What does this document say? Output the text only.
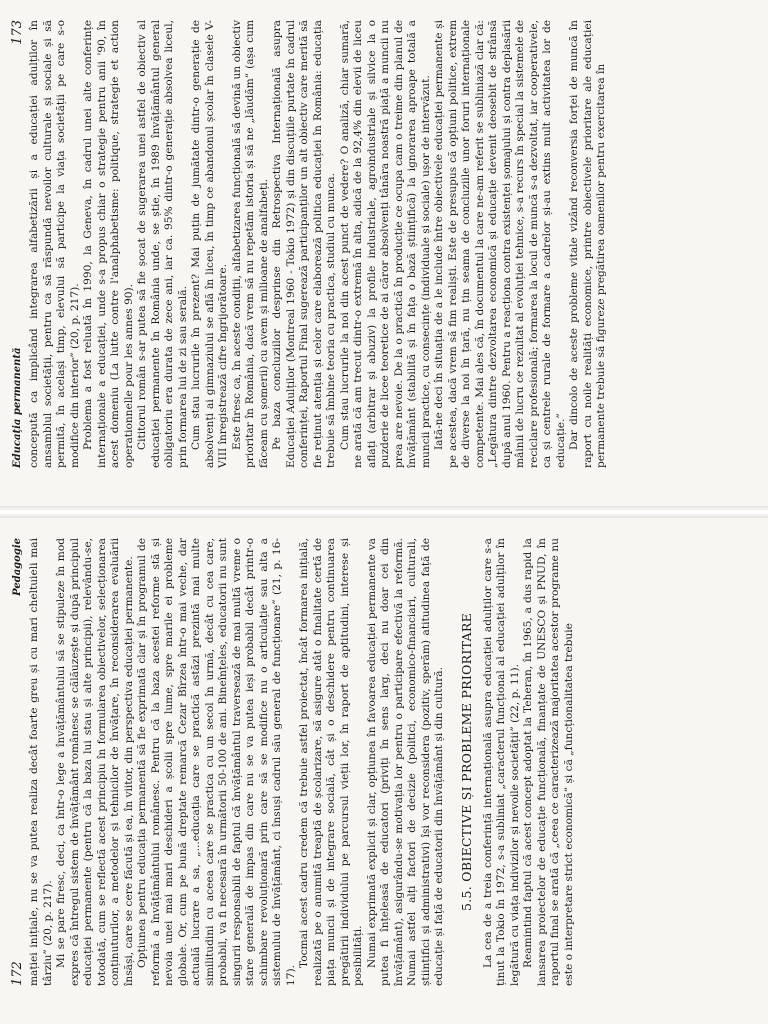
172
Pedagogie mației inițiale, nu se va putea realiza decât foarte greu și cu mari cheltuieli mai târziu” (20, p. 217). Mi se pare firesc, deci, ca într-o lege a învățământului să se stipuleze în mod expres că întregul sistem de învățământ românesc se călăuzește și după principiul educației permanente (pentru că la baza lui stau și alte principii), relevându-se, totodată, cum se reflectă acest principiu în formularea obiectivelor, selecționarea conținuturilor, a metodelor și tehnicilor de învățare, în reconsiderarea evaluării însăși, care se cere făcută și ea, în viitor, din perspectiva educației permanente. Opțiunea pentru educația permanentă să fie exprimată clar și în programul de reformă a învățământului românesc. Pentru că la baza acestei reforme stă și nevoia unei mai mari deschideri a școlii spre lume, spre marile ei probleme globale. Or, cum pe bună dreptate remarcă Cezar Bîrzea într-o mai veche, dar actuală lucrare a sa, „...educația care se practică astăzi prezintă mai multe similitudini cu aceea care se practica cu un secol în urmă, decât cu cea care, probabil, va fi necesară în următorii 50-100 de ani. Bineînțeles, educatorii nu sunt singurii responsabili de faptul că învățământul traversează de mai multă vreme o stare generală de impas din care nu se va putea ieși probabil decât printr-o schimbare revoluționară prin care să se modifice nu o articulație sau alta a sistemului de învățământ, ci însuși cadrul său general de funcționare” (21, p. 16-17).

Tocmai acest cadru credem că trebuie astfel proiectat, încât formarea inițială, realizată pe o anumită treaptă de școlarizare, să asigure atât o finalitate certă de piața muncii și de integrare socială, cât și o deschidere pentru continuarea pregătirii individului pe parcursul vieții lor, în raport de aptitudini, interese și posibilități. Numai exprimată explicit și clar, opțiunea în favoarea educației permanente va putea fi înțeleasă de educatori (priviți în sens larg, deci nu doar cei din învățământ), asigurându-se motivația lor pentru o participare efectivă la reformă. Numai astfel alți factori de decizie (politici, economico-financiari, culturali, științifici și administrativi) își vor reconsidera (pozitiv, sperăm) atitudinea față de educație și față de educatorii din învățământ și din cultură. 5.5. OBIECTIVE ȘI PROBLEME PRIORITARE La cea de a treia conferință internațională asupra educației adulților care s-a ținut la Tokio în 1972, s-a subliniat „caracterul funcțional al educației adulților în legătură cu viața indivizilor și nevoile societății” (22, p. 11). Reamintind faptul că acest concept adoptat la Teheran, în 1965, a dus rapid la lansarea proiectelor de educație funcțională, finanțate de UNESCO și PNUD, în raportul final se arată că „ceea ce caracterizează majoritatea acestor programe nu este o interpretare strict economică” și că „funcționalitatea trebuie

Educația permanentă
173 concepută ca implicând integrarea alfabetizării și a educației adulților în ansamblul societății, pentru ca să răspundă nevoilor culturale și sociale și să permită, în același timp, elevului să participe la viața societății pe care s-o modifice din interior” (20, p. 217). Problema a fost reluată în 1990, la Geneva, în cadrul unei alte conferințe internaționale a educației, unde s-a propus chiar o strategie pentru anii '90, în acest domeniu (La lutte contre l'analphabetisme: politique, strategie et action operationnelle pour les annes 90). Cititorul român s-ar putea să fie șocat de sugerarea unei astfel de obiectiv al educației permanente în România unde, se știe, în 1989 învățământul general obligatoriu era durata de zece ani, iar ca. 95% dintr-o generație absolvea liceul, prin formarea lui de zi sau serală. Cum stau lucrurile în prezent? Mai puțin de jumătate dintr-o generație de absolvenți ai gimnaziului se află în liceu, în timp ce abandonul școlar în clasele V-VIII înregistrează cifre îngrijorătoare. Este firesc ca, în aceste condiții, alfabetizarea funcțională să devină un obiectiv prioritar în România, dacă vrem să nu repetăm istoria și să ne „lăudăm” (așa cum făceam cu șomerii) cu avem și milioane de analfabeți. Pe baza concluziilor desprinse din Retrospectiva Internațională asupra Educației Adulților (Montreal 1960 - Tokio 1972) și din discuțiile purtate în cadrul conferinței, Raportul Final sugerează participanților un alt obiectiv care merită să fie reținut atenția și celor care elaborează politica educației în România: educația trebuie să îmbine teoria cu practica, studiul cu munca. Cum stau lucrurile la noi din acest punct de vedere? O analiză, chiar sumară, ne arată că am trecut dintr-o extremă în alta, adică de la 92,4% din elevii de liceu aflați (arbitrar și abuziv) la profile industriale, agroindustriale și silvice la o puzderie de licee teoretice de ai căror absolvenți tânăra noastră piață a muncii nu prea are nevoie. De la o practică în producție ce ocupa cam o treime din planul de învățământ (stabilită și în fața o bază științifică) la ignorarea aproape totală a muncii practice, cu consecințe (individuale și sociale) ușor de intervăzut. Iată-ne deci în situația de a le include între obiectivele educației permanente și pe acestea, dacă vrem să fim realiști. Este de presupus că opțiuni politice, extrem de diverse la noi în țară, nu țin seama de concluziile unor foruri internaționale competente. Mai ales că, în documentul la care ne-am referit se subliniază clar că: „Legătura dintre dezvoltarea economică și educație devenit deosebit de strânsă după anul 1960. Pentru a reacționa contra existenței șomajului și contra deplasării mâinii de lucru ce rezultat al evoluției tehnice, s-a recurs în special la sistemele de reciclare profesională; formarea la locul de muncă s-a dezvoltat, iar cooperativele, ca și centrele rurale de formare a cadrelor și-au extins mult activitatea lor de educație.” Dar dincolo de aceste probleme vitale vizând reconversia forței de muncă în raport cu noile realități economice, printre obiectivele prioritare ale educației permanente trebuie să figureze pregătirea oamenilor pentru exercitarea în
